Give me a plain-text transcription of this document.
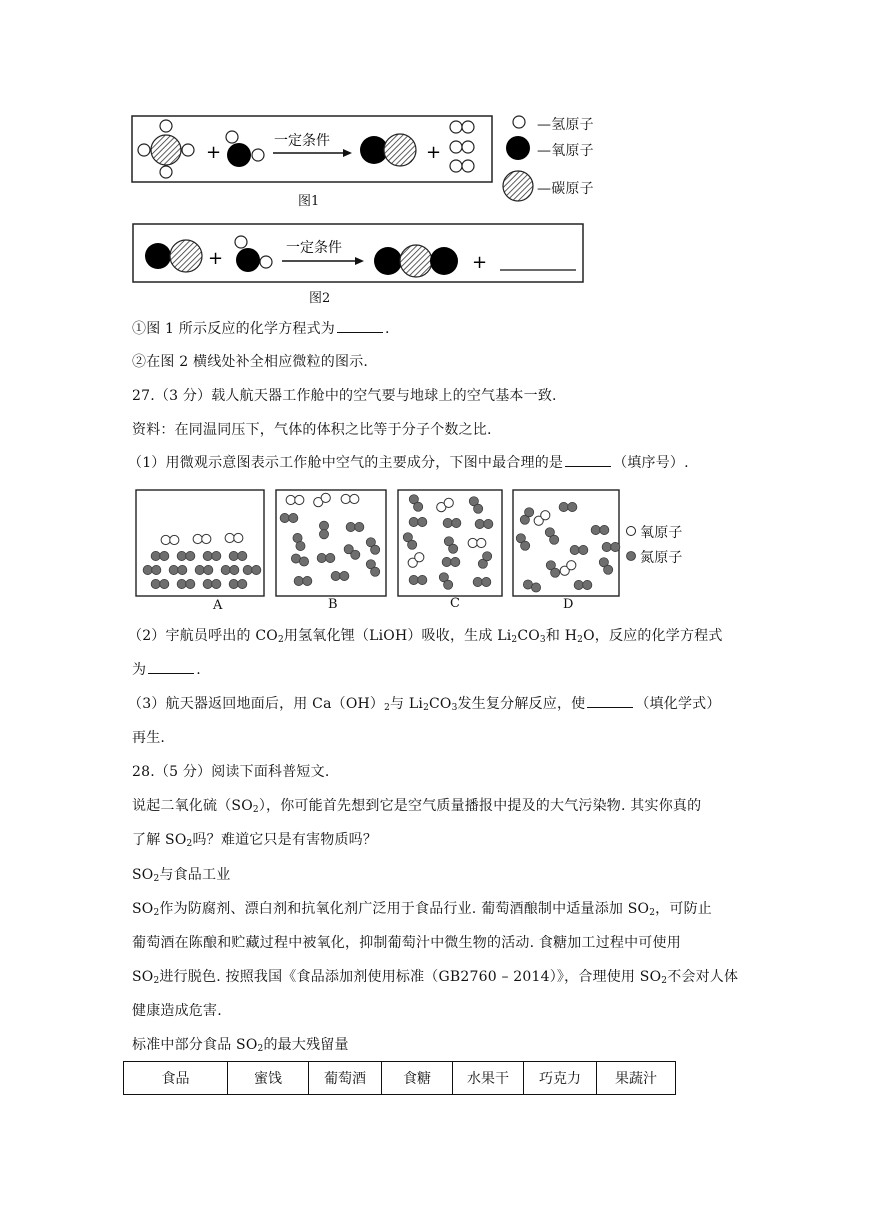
+
一定条件
+
+	一定条件
+
图1
—氢原子
—氧原子
—碳原子
图2
①图 1 所示反应的化学方程式为	.
②在图 2 横线处补全相应微粒的图示.
27.（3 分）载人航天器工作舱中的空气要与地球上的空气基本一致.
资料：在同温同压下，气体的体积之比等于分子个数之比.
（1）用微观示意图表示工作舱中空气的主要成分，下图中最合理的是	（填序号）.
氧原子
氮原子
A	B	C	D
（2）宇航员呼出的 $CO_2$用氢氧化锂（LiOH）吸收，生成 $Li_2CO_3$和 $H_2O$，反应的化学方程式
为	.
（3）航天器返回地面后，用 $Ca(OH)_2$与 $Li_2CO_3$发生复分解反应，使	（填化学式）
再生.
28.（5 分）阅读下面科普短文.
说起二氧化硫$(SO_2)$，你可能首先想到它是空气质量播报中提及的大气污染物. 其实你真的
了解 $SO_2$吗？难道它只是有害物质吗？
$SO_2$与食品工业
$SO_2$作为防腐剂、漂白剂和抗氧化剂广泛用于食品行业. 葡萄酒酿制中适量添加 $SO_2$，可防止
葡萄酒在陈酿和贮藏过程中被氧化，抑制葡萄汁中微生物的活动. 食糖加工过程中可使用
$SO_2$进行脱色. 按照我国《食品添加剂使用标准（GB2760 – 2014）》，合理使用 $SO_2$不会对人体
健康造成危害.
标准中部分食品 $SO_2$的最大残留量
食品	蜜饯	葡萄酒	食糖	水果干	巧克力	果蔬汁
